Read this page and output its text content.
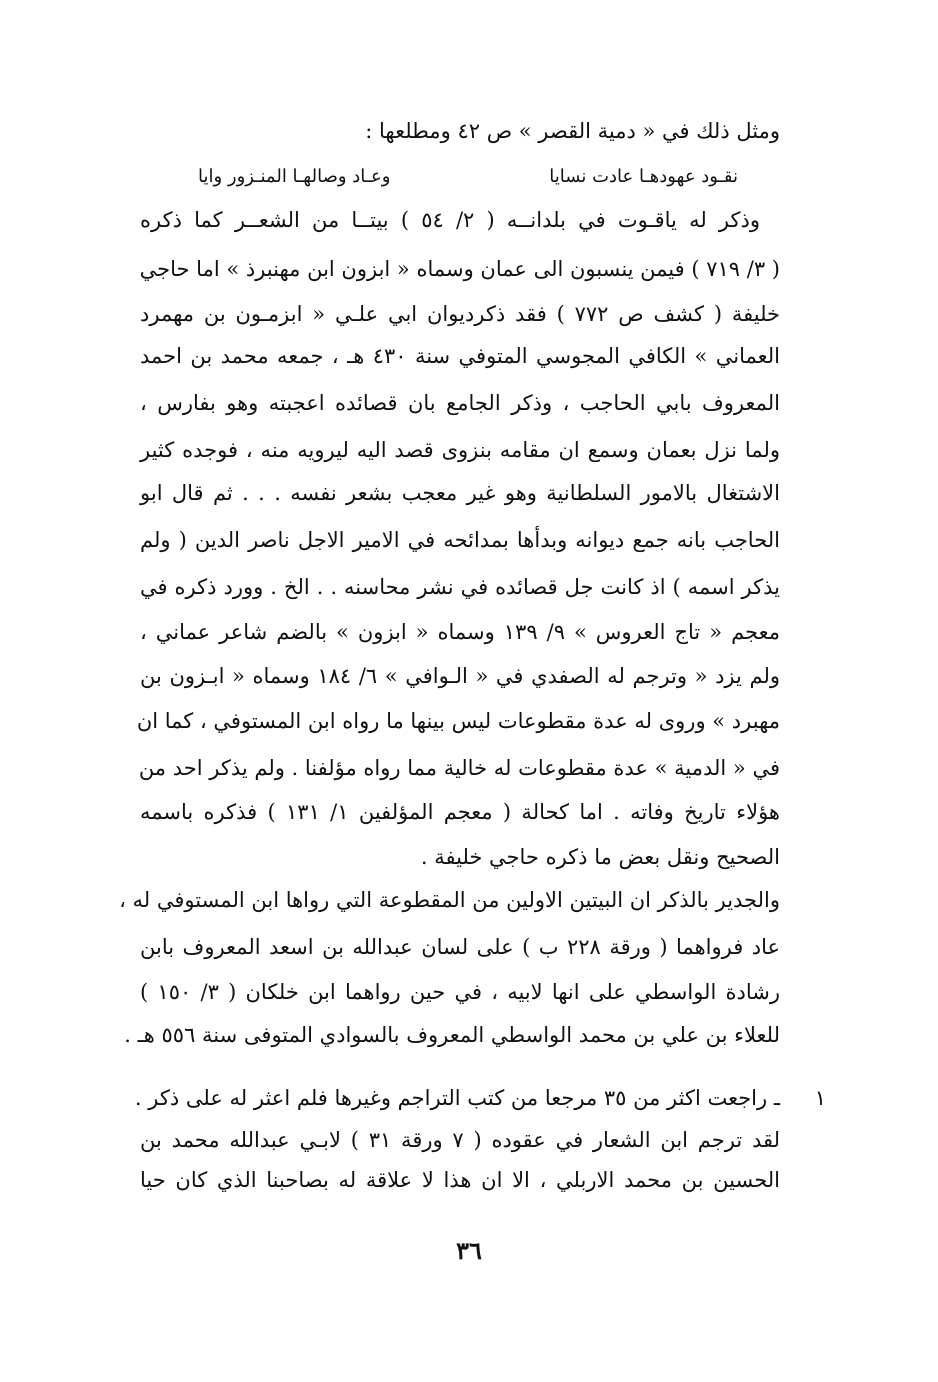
ومثل ذلك في « دمية القصر » ص ٤٢ ومطلعها :
نقـود عهودهـا عادت نسايا
وعـاد وصالهـا المنـزور وايا
وذكر له ياقـوت في بلدانــه ( ٢/ ٥٤ ) بيتــا من الشعــر كما ذكره
( ٣/ ٧١٩ ) فيمن ينسبون الى عمان وسماه « ابزون ابن مهنبرذ » اما حاجي
خليفة ( كشف ص ٧٧٢ ) فقد ذكرديوان ابي علـي « ابزمـون بن مهمرد
العماني » الكافي المجوسي المتوفي سنة ٤٣٠ هـ ، جمعه محمد بن احمد
المعروف بابي الحاجب ، وذكر الجامع بان قصائده اعجبته وهو بفارس ،
ولما نزل بعمان وسمع ان مقامه بنزوى قصد اليه ليرويه منه ، فوجده كثير
الاشتغال بالامور السلطانية وهو غير معجب بشعر نفسه . . . ثم قال ابو
الحاجب بانه جمع ديوانه وبدأها بمدائحه في الامير الاجل ناصر الدين ( ولم
يذكر اسمه ) اذ كانت جل قصائده في نشر محاسنه . . الخ . وورد ذكره في
معجم « تاج العروس » ٩/ ١٣٩ وسماه « ابزون » بالضم شاعر عماني ،
ولم يزد « وترجم له الصفدي في « الـوافي » ٦/ ١٨٤ وسماه « ابـزون بن
مهبرد » وروى له عدة مقطوعات ليس بينها ما رواه ابن المستوفي ، كما ان
في « الدمية » عدة مقطوعات له خالية مما رواه مؤلفنا . ولم يذكر احد من
هؤلاء تاريخ وفاته . اما كحالة ( معجم المؤلفين ١/ ١٣١ ) فذكره باسمه
الصحيح ونقل بعض ما ذكره حاجي خليفة .
والجدير بالذكر ان البيتين الاولين من المقطوعة التي رواها ابن المستوفي له ،
عاد فرواهما ( ورقة ٢٢٨ ب ) على لسان عبدالله بن اسعد المعروف بابن
رشادة الواسطي على انها لابيه ، في حين رواهما ابن خلكان ( ٣/ ١٥٠ )
للعلاء بن علي بن محمد الواسطي المعروف بالسوادي المتوفى سنة ٥٥٦ هـ .
١
ـ راجعت اكثر من ٣٥ مرجعا من كتب التراجم وغيرها فلم اعثر له على ذكر .
لقد ترجم ابن الشعار في عقوده ( ٧ ورقة ٣١ ) لابـي عبدالله محمد بن
الحسين بن محمد الاربلي ، الا ان هذا لا علاقة له بصاحبنا الذي كان حيا
٣٦
